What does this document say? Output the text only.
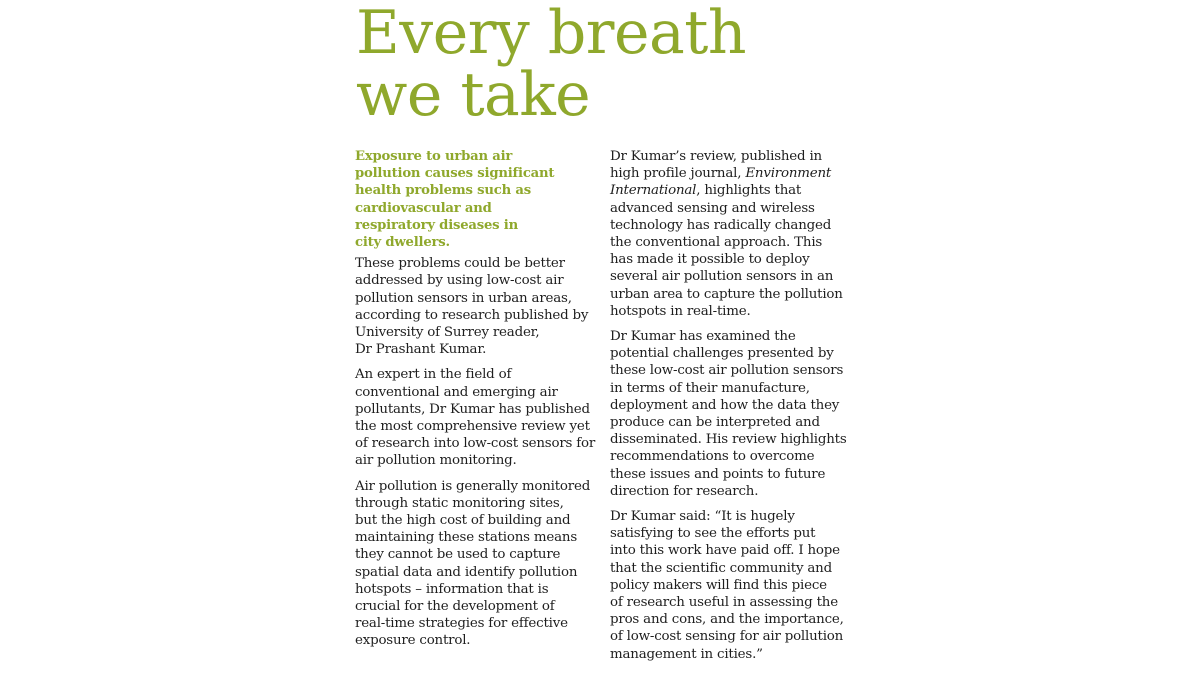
Every breath
we take

Exposure to urban air
pollution causes significant
health problems such as
cardiovascular and
respiratory diseases in
city dwellers.

These problems could be better
addressed by using low-cost air
pollution sensors in urban areas,
according to research published by
University of Surrey reader,
Dr Prashant Kumar.

An expert in the field of
conventional and emerging air
pollutants, Dr Kumar has published
the most comprehensive review yet
of research into low-cost sensors for
air pollution monitoring.

Air pollution is generally monitored
through static monitoring sites,
but the high cost of building and
maintaining these stations means
they cannot be used to capture
spatial data and identify pollution
hotspots – information that is
crucial for the development of
real-time strategies for effective
exposure control.

Dr Kumar’s review, published in
high profile journal, Environment
International, highlights that
advanced sensing and wireless
technology has radically changed
the conventional approach. This
has made it possible to deploy
several air pollution sensors in an
urban area to capture the pollution
hotspots in real-time.

Dr Kumar has examined the
potential challenges presented by
these low-cost air pollution sensors
in terms of their manufacture,
deployment and how the data they
produce can be interpreted and
disseminated. His review highlights
recommendations to overcome
these issues and points to future
direction for research.

Dr Kumar said: “It is hugely
satisfying to see the efforts put
into this work have paid off. I hope
that the scientific community and
policy makers will find this piece
of research useful in assessing the
pros and cons, and the importance,
of low-cost sensing for air pollution
management in cities.”
